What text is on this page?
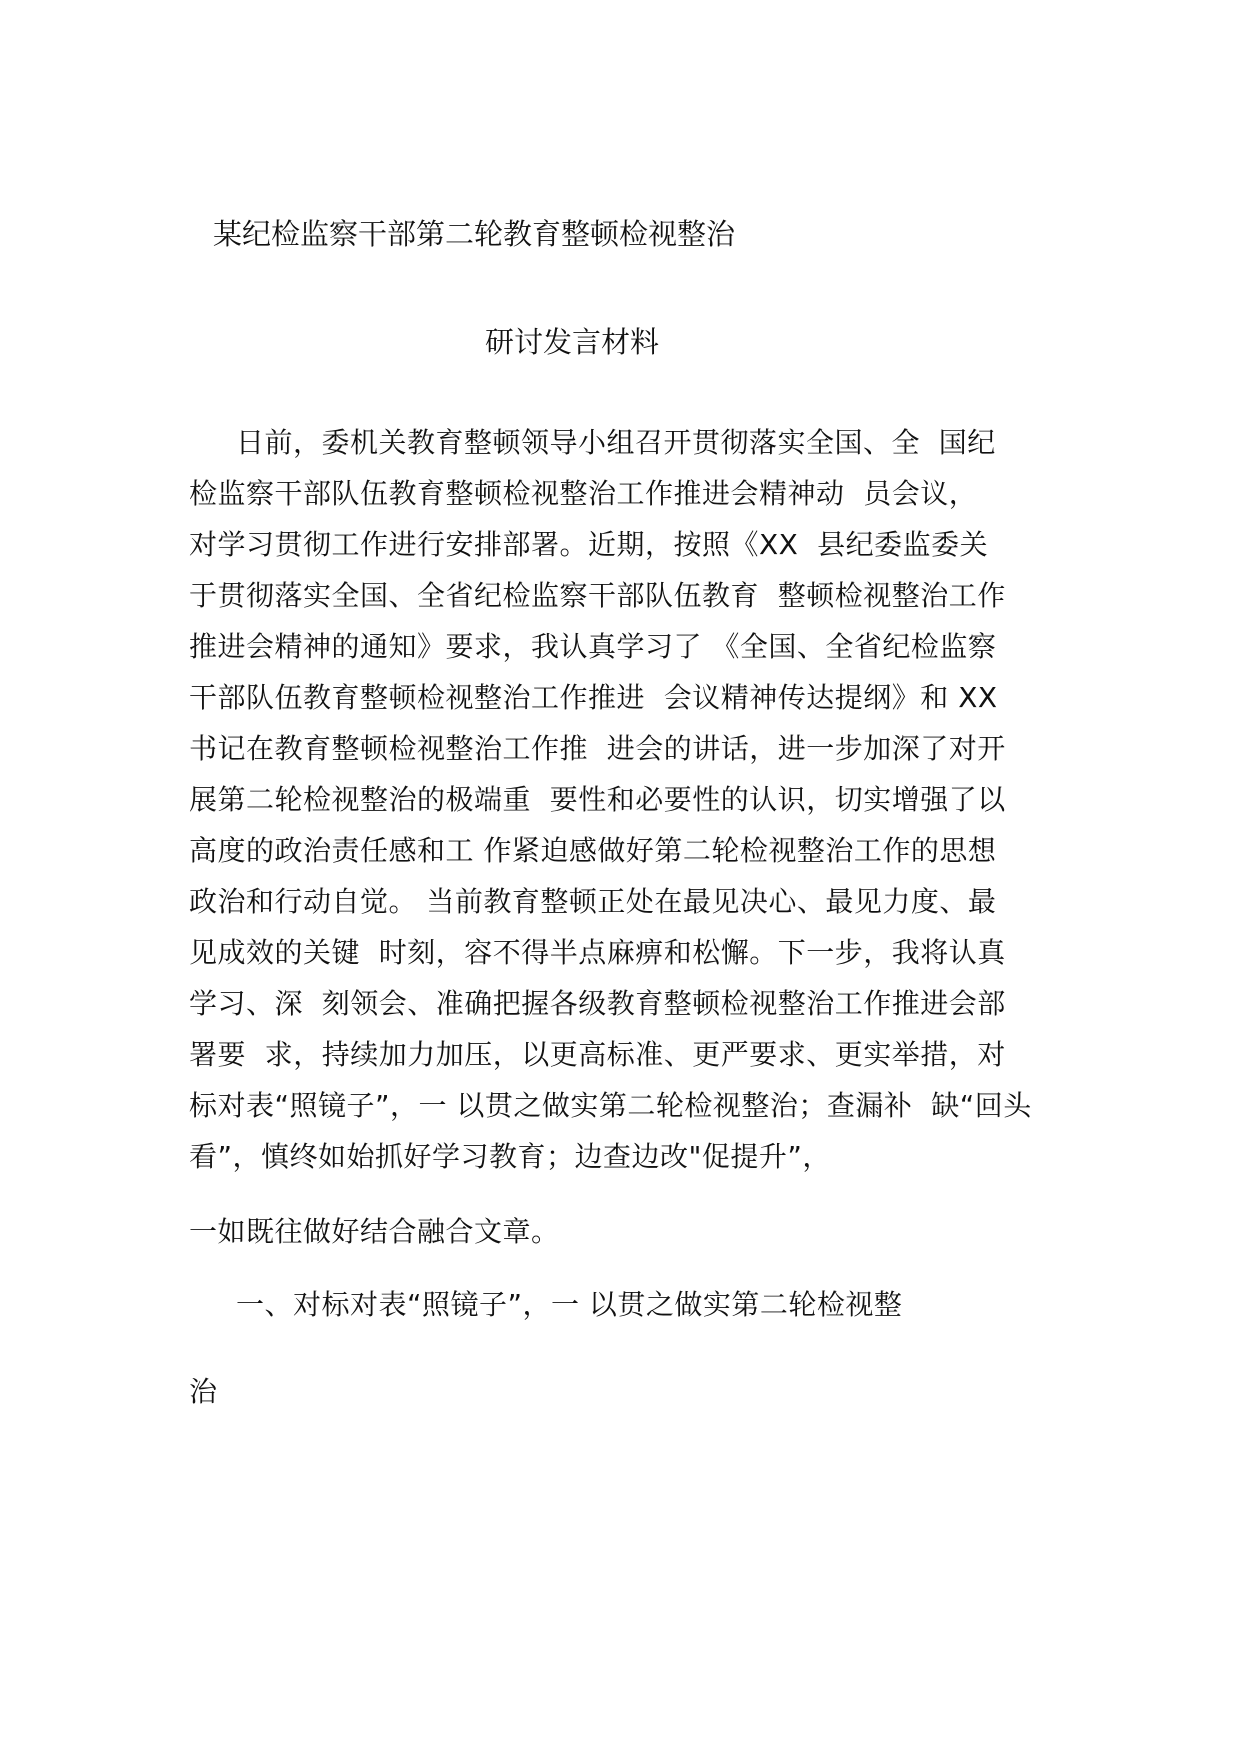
某纪检监察干部第二轮教育整顿检视整治
研讨发言材料
日前，委机关教育整顿领导小组召开贯彻落实全国、全  国纪
检监察干部队伍教育整顿检视整治工作推进会精神动  员会议，
对学习贯彻工作进行安排部署。近期，按照《XX  县纪委监委关
于贯彻落实全国、全省纪检监察干部队伍教育  整顿检视整治工作
推进会精神的通知》要求，我认真学习了 《全国、全省纪检监察
干部队伍教育整顿检视整治工作推进  会议精神传达提纲》和 XX
书记在教育整顿检视整治工作推  进会的讲话，进一步加深了对开
展第二轮检视整治的极端重  要性和必要性的认识，切实增强了以
高度的政治责任感和工 作紧迫感做好第二轮检视整治工作的思想
政治和行动自觉。 当前教育整顿正处在最见决心、最见力度、最
见成效的关键  时刻，容不得半点麻痹和松懈。下一步，我将认真
学习、深  刻领会、准确把握各级教育整顿检视整治工作推进会部
署要  求，持续加力加压，以更高标准、更严要求、更实举措，对
标对表“照镜子”，一 以贯之做实第二轮检视整治；查漏补  缺“回头
看”，慎终如始抓好学习教育；边查边改"促提升”，
一如既往做好结合融合文章。
一、对标对表“照镜子”，一 以贯之做实第二轮检视整
治
